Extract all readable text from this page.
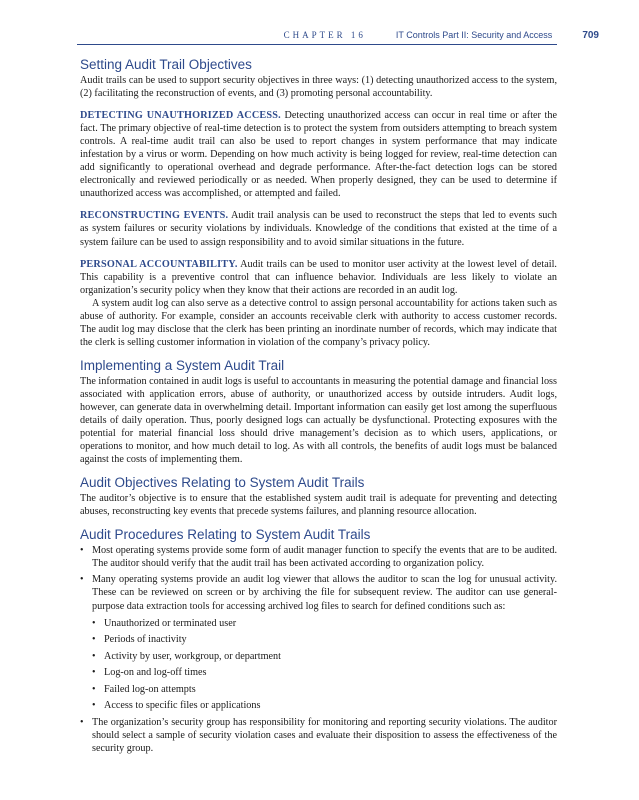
CHAPTER 16	IT Controls Part II: Security and Access	709
Setting Audit Trail Objectives

Audit trails can be used to support security objectives in three ways: (1) detecting unauthorized access to the system, (2) facilitating the reconstruction of events, and (3) promoting personal accountability.

DETECTING UNAUTHORIZED ACCESS. Detecting unauthorized access can occur in real time or after the fact. The primary objective of real-time detection is to protect the system from outsiders attempting to breach system controls. A real-time audit trail can also be used to report changes in system performance that may indicate infestation by a virus or worm. Depending on how much activity is being logged for review, real-time detection can add significantly to operational overhead and degrade performance. After-the-fact detection logs can be stored electronically and reviewed periodically or as needed. When properly designed, they can be used to determine if unauthorized access was accomplished, or attempted and failed.

RECONSTRUCTING EVENTS. Audit trail analysis can be used to reconstruct the steps that led to events such as system failures or security violations by individuals. Knowledge of the conditions that existed at the time of a system failure can be used to assign responsibility and to avoid similar situations in the future.

PERSONAL ACCOUNTABILITY. Audit trails can be used to monitor user activity at the lowest level of detail. This capability is a preventive control that can influence behavior. Individuals are less likely to violate an organization’s security policy when they know that their actions are recorded in an audit log.

A system audit log can also serve as a detective control to assign personal accountability for actions taken such as abuse of authority. For example, consider an accounts receivable clerk with authority to access customer records. The audit log may disclose that the clerk has been printing an inordinate number of records, which may indicate that the clerk is selling customer information in violation of the company’s privacy policy.

Implementing a System Audit Trail

The information contained in audit logs is useful to accountants in measuring the potential damage and financial loss associated with application errors, abuse of authority, or unauthorized access by outside intruders. Audit logs, however, can generate data in overwhelming detail. Important information can easily get lost among the superfluous details of daily operation. Thus, poorly designed logs can actually be dysfunctional. Protecting exposures with the potential for material financial loss should drive management’s decision as to which users, applications, or operations to monitor, and how much detail to log. As with all controls, the benefits of audit logs must be balanced against the costs of implementing them.

Audit Objectives Relating to System Audit Trails

The auditor’s objective is to ensure that the established system audit trail is adequate for preventing and detecting abuses, reconstructing key events that precede systems failures, and planning resource allocation.

Audit Procedures Relating to System Audit Trails
• Most operating systems provide some form of audit manager function to specify the events that are to be audited. The auditor should verify that the audit trail has been activated according to organization policy.
• Many operating systems provide an audit log viewer that allows the auditor to scan the log for unusual activity. These can be reviewed on screen or by archiving the file for subsequent review. The auditor can use general-purpose data extraction tools for accessing archived log files to search for defined conditions such as:
• Unauthorized or terminated user
• Periods of inactivity
• Activity by user, workgroup, or department
• Log-on and log-off times
• Failed log-on attempts
• Access to specific files or applications
• The organization’s security group has responsibility for monitoring and reporting security violations. The auditor should select a sample of security violation cases and evaluate their disposition to assess the effectiveness of the security group.
